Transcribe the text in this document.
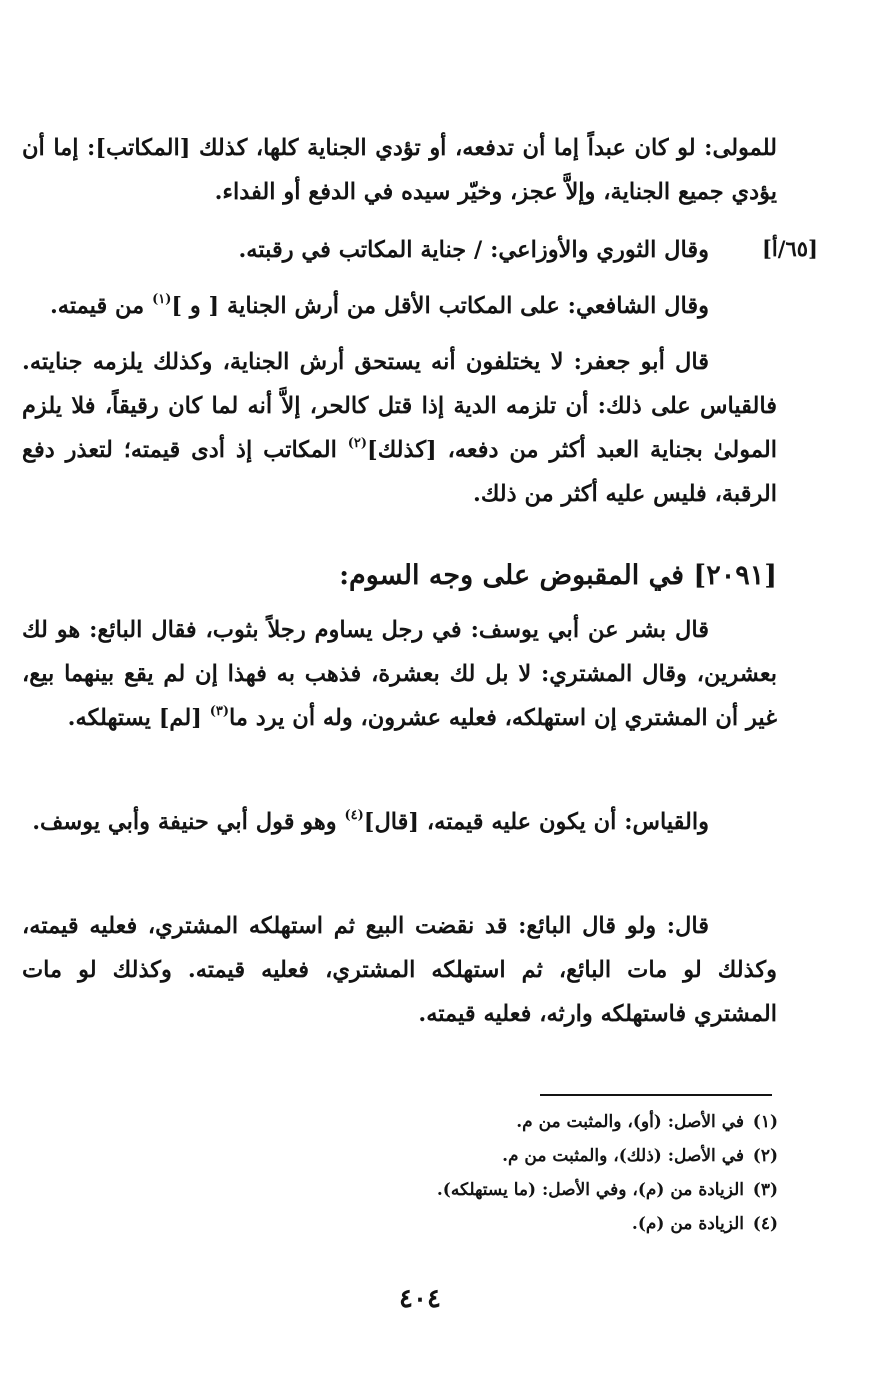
للمولى: لو كان عبداً إما أن تدفعه، أو تؤدي الجناية كلها، كذلك [المكاتب]: إما أن يؤدي جميع الجناية، وإلاَّ عجز، وخيّر سيده في الدفع أو الفداء.

وقال الثوري والأوزاعي: / جناية المكاتب في رقبته.	[٦٥/أ]

وقال الشافعي: على المكاتب الأقل من أرش الجناية [ و ]$^{(١)}$ من قيمته.

قال أبو جعفر: لا يختلفون أنه يستحق أرش الجناية، وكذلك يلزمه جنايته. فالقياس على ذلك: أن تلزمه الدية إذا قتل كالحر، إلاَّ أنه لما كان رقيقاً، فلا يلزم المولىٰ بجناية العبد أكثر من دفعه، [كذلك]$^{(٢)}$ المكاتب إذ أدى قيمته؛ لتعذر دفع الرقبة، فليس عليه أكثر من ذلك.

[٢٠٩١] في المقبوض على وجه السوم:

قال بشر عن أبي يوسف: في رجل يساوم رجلاً بثوب، فقال البائع: هو لك بعشرين، وقال المشتري: لا بل لك بعشرة، فذهب به فهذا إن لم يقع بينهما بيع، غير أن المشتري إن استهلكه، فعليه عشرون، وله أن يرد ما$^{(٣)}$ [لم] يستهلكه.

والقياس: أن يكون عليه قيمته، [قال]$^{(٤)}$ وهو قول أبي حنيفة وأبي يوسف.

قال: ولو قال البائع: قد نقضت البيع ثم استهلكه المشتري، فعليه قيمته، وكذلك لو مات البائع، ثم استهلكه المشتري، فعليه قيمته. وكذلك لو مات المشتري فاستهلكه وارثه، فعليه قيمته.

(١)في الأصل: (أو)، والمثبت من م.
(٢)في الأصل: (ذلك)، والمثبت من م.
(٣)الزيادة من (م)، وفي الأصل: (ما يستهلكه).
(٤)الزيادة من (م).
٤٠٤
